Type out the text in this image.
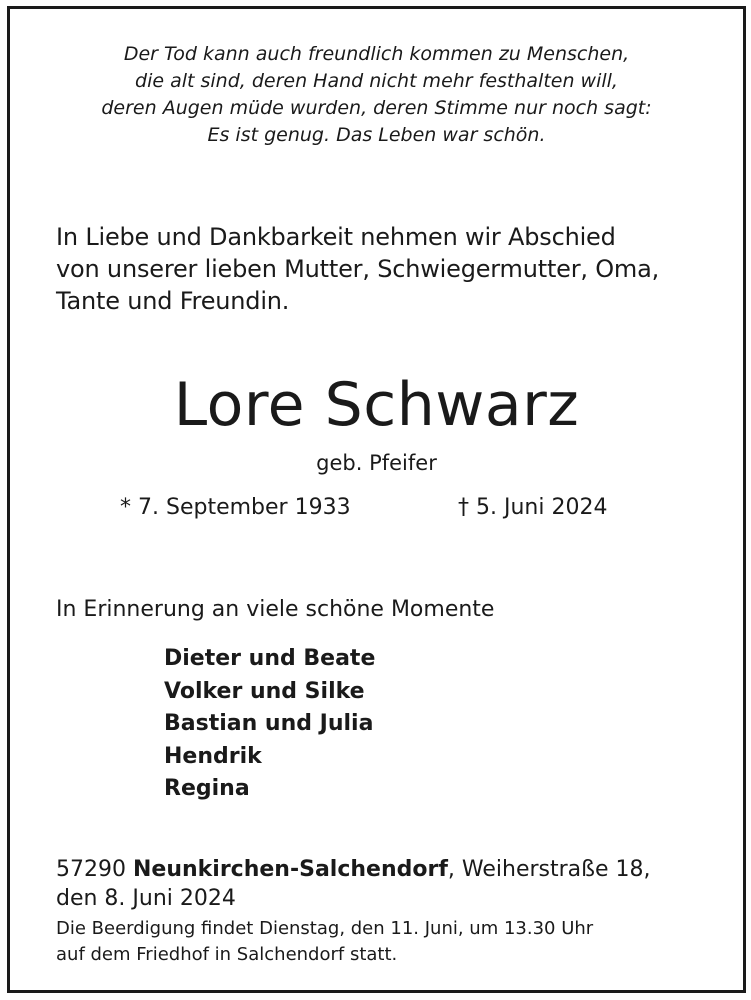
Der Tod kann auch freundlich kommen zu Menschen,
die alt sind, deren Hand nicht mehr festhalten will,
deren Augen müde wurden, deren Stimme nur noch sagt:
Es ist genug. Das Leben war schön.
In Liebe und Dankbarkeit nehmen wir Abschied
von unserer lieben Mutter, Schwiegermutter, Oma,
Tante und Freundin.
Lore Schwarz
geb. Pfeifer
* 7. September 1933	† 5. Juni 2024
In Erinnerung an viele schöne Momente
Dieter und Beate
Volker und Silke
Bastian und Julia
Hendrik
Regina
57290 Neunkirchen-Salchendorf, Weiherstraße 18,
den 8. Juni 2024
Die Beerdigung findet Dienstag, den 11. Juni, um 13.30 Uhr
auf dem Friedhof in Salchendorf statt.
